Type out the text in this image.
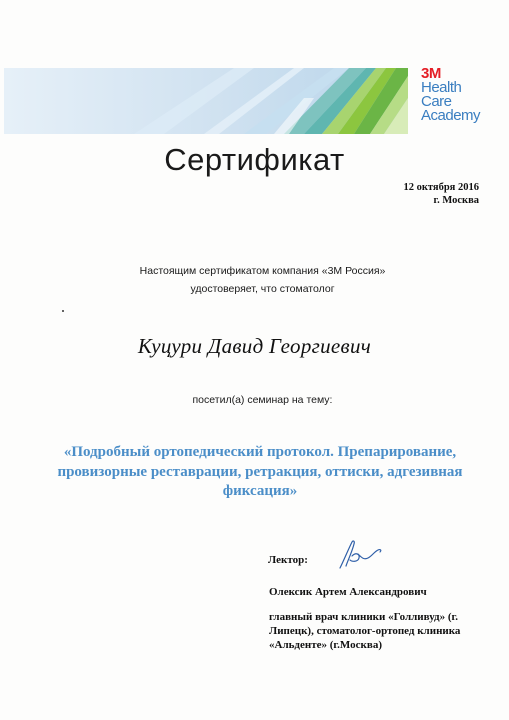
3M
Health
Care
Academy
Сертификат
12 октября 2016
г. Москва
Настоящим сертификатом компания «3М Россия»
удостоверяет, что стоматолог
Куцури Давид Георгиевич
посетил(а) семинар на тему:
«Подробный ортопедический протокол. Препарирование,
провизорные реставрации, ретракция, оттиски, адгезивная
фиксация»
Лектор:
Олексик Артем Александрович
главный врач клиники «Голливуд» (г.
Липецк), стоматолог-ортопед клиника
«Альденте» (г.Москва)
